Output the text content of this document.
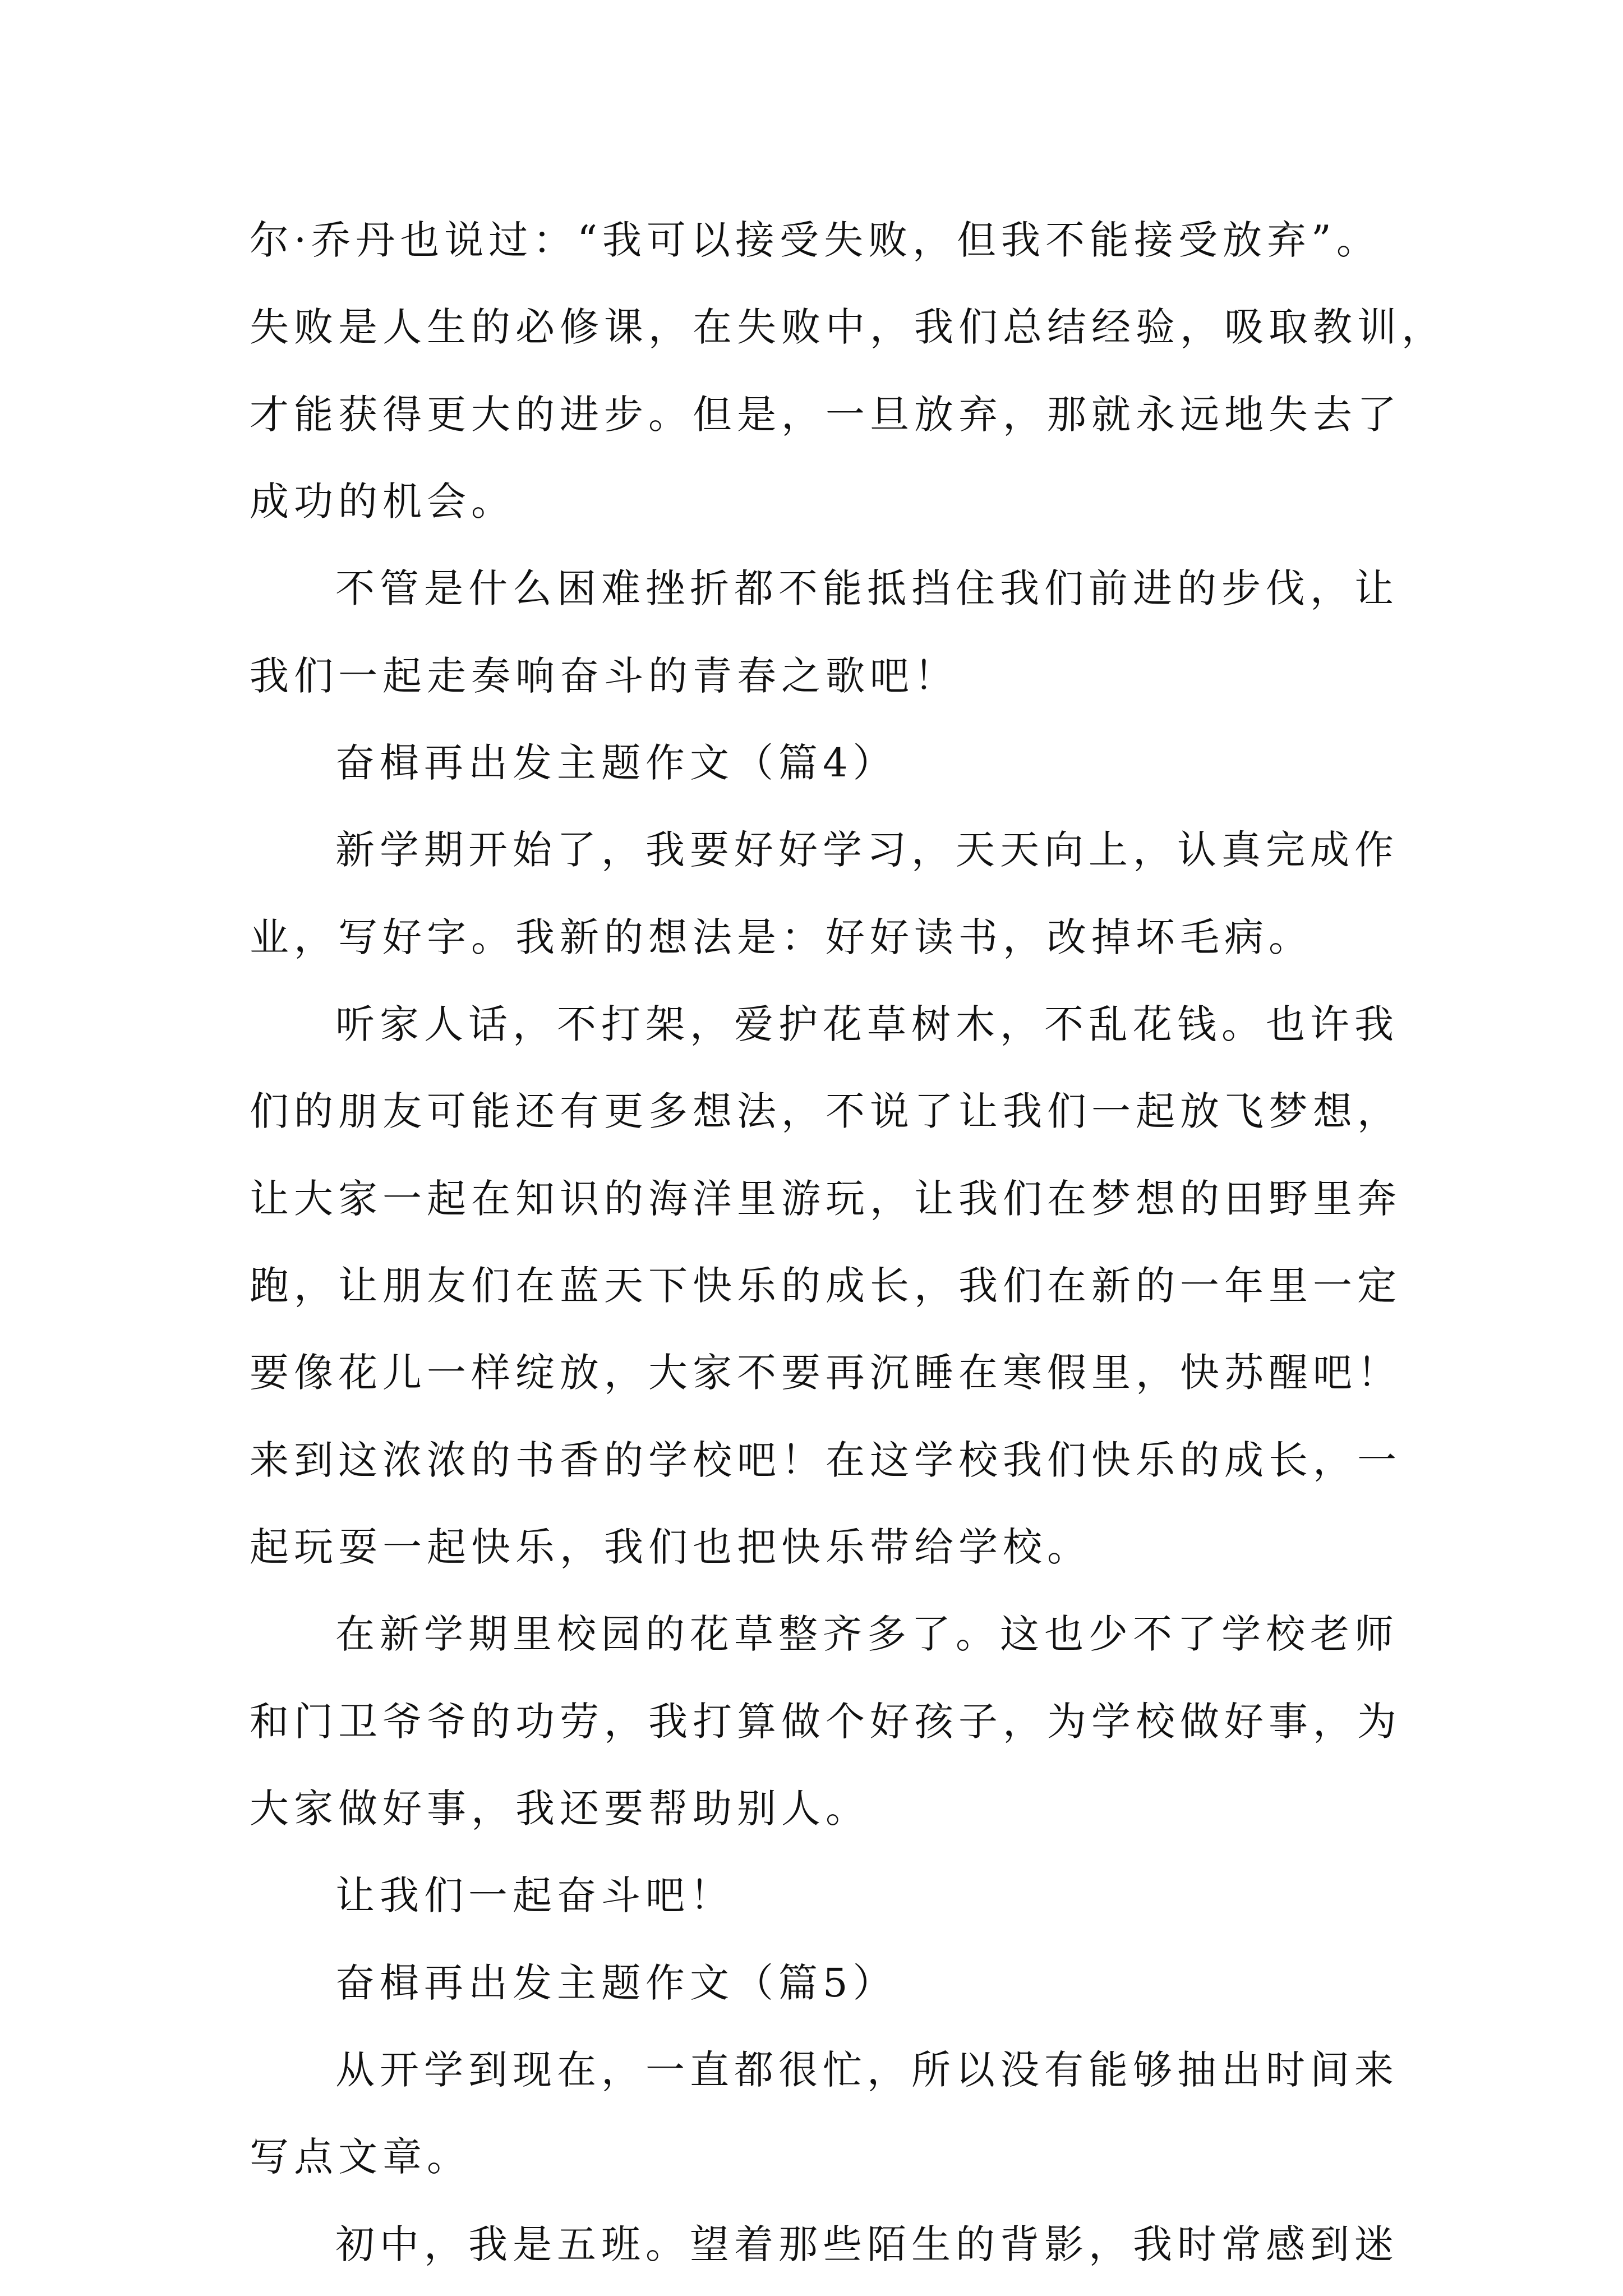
尔·乔丹也说过：“我可以接受失败，但我不能接受放弃”。
失败是人生的必修课，在失败中，我们总结经验，吸取教训，
才能获得更大的进步。但是，一旦放弃，那就永远地失去了
成功的机会。
不管是什么困难挫折都不能抵挡住我们前进的步伐，让
我们一起走奏响奋斗的青春之歌吧！
奋楫再出发主题作文（篇4）
新学期开始了，我要好好学习，天天向上，认真完成作
业，写好字。我新的想法是：好好读书，改掉坏毛病。
听家人话，不打架，爱护花草树木，不乱花钱。也许我
们的朋友可能还有更多想法，不说了让我们一起放飞梦想，
让大家一起在知识的海洋里游玩，让我们在梦想的田野里奔
跑，让朋友们在蓝天下快乐的成长，我们在新的一年里一定
要像花儿一样绽放，大家不要再沉睡在寒假里，快苏醒吧！
来到这浓浓的书香的学校吧！在这学校我们快乐的成长，一
起玩耍一起快乐，我们也把快乐带给学校。
在新学期里校园的花草整齐多了。这也少不了学校老师
和门卫爷爷的功劳，我打算做个好孩子，为学校做好事，为
大家做好事，我还要帮助别人。
让我们一起奋斗吧！
奋楫再出发主题作文（篇5）
从开学到现在，一直都很忙，所以没有能够抽出时间来
写点文章。
初中，我是五班。望着那些陌生的背影，我时常感到迷
